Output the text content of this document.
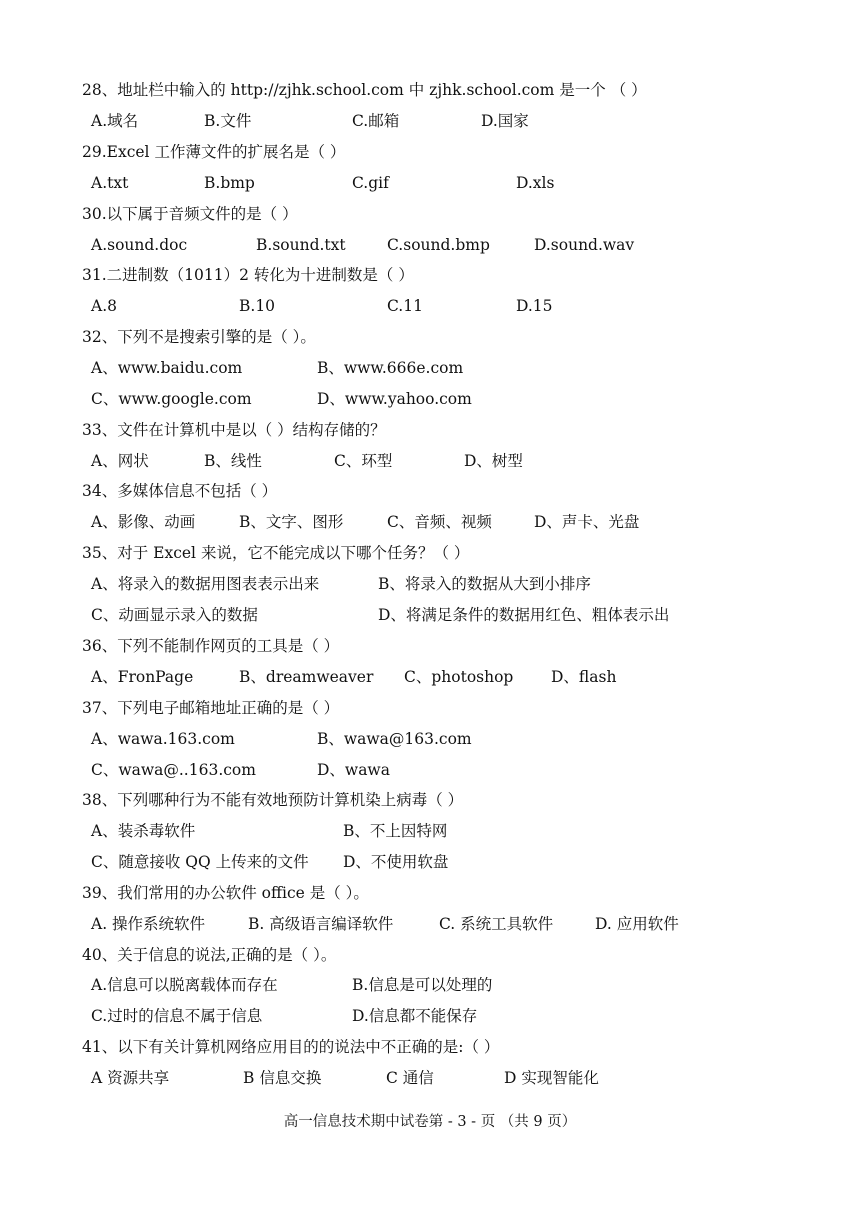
28、地址栏中输入的 http://zjhk.school.com 中 zjhk.school.com 是一个 （ ）
A.域名	B.文件	C.邮箱	D.国家
29.Excel 工作薄文件的扩展名是（ ）
A.txt	B.bmp	C.gif	D.xls
30.以下属于音频文件的是（ ）
A.sound.doc	B.sound.txt	C.sound.bmp	D.sound.wav
31.二进制数（1011）2 转化为十进制数是（ ）
A.8	B.10	C.11	D.15
32、下列不是搜索引擎的是（ ）。
A、www.baidu.com	B、www.666e.com
C、www.google.com	D、www.yahoo.com
33、文件在计算机中是以（ ）结构存储的？
A、网状	B、线性	C、环型	D、树型
34、多媒体信息不包括（ ）
A、影像、动画	B、文字、图形	C、音频、视频	D、声卡、光盘
35、对于 Excel 来说，它不能完成以下哪个任务？（ ）
A、将录入的数据用图表表示出来	B、将录入的数据从大到小排序
C、动画显示录入的数据	D、将满足条件的数据用红色、粗体表示出
36、下列不能制作网页的工具是（ ）
A、FronPage	B、dreamweaver C、photoshop D、flash
37、下列电子邮箱地址正确的是（ ）
A、wawa.163.com	B、wawa@163.com
C、wawa@..163.com	D、wawa
38、下列哪种行为不能有效地预防计算机染上病毒（ ）
A、装杀毒软件	B、不上因特网
C、随意接收 QQ 上传来的文件 D、不使用软盘
39、我们常用的办公软件 office 是（ ）。
A. 操作系统软件	B. 高级语言编译软件	C. 系统工具软件	D. 应用软件
40、关于信息的说法,正确的是（ ）。
A.信息可以脱离载体而存在	B.信息是可以处理的
C.过时的信息不属于信息	D.信息都不能保存
41、以下有关计算机网络应用目的的说法中不正确的是:（ ）
A 资源共享	B 信息交换	C 通信	D 实现智能化
高一信息技术期中试卷第 - 3 - 页 （共 9 页）
